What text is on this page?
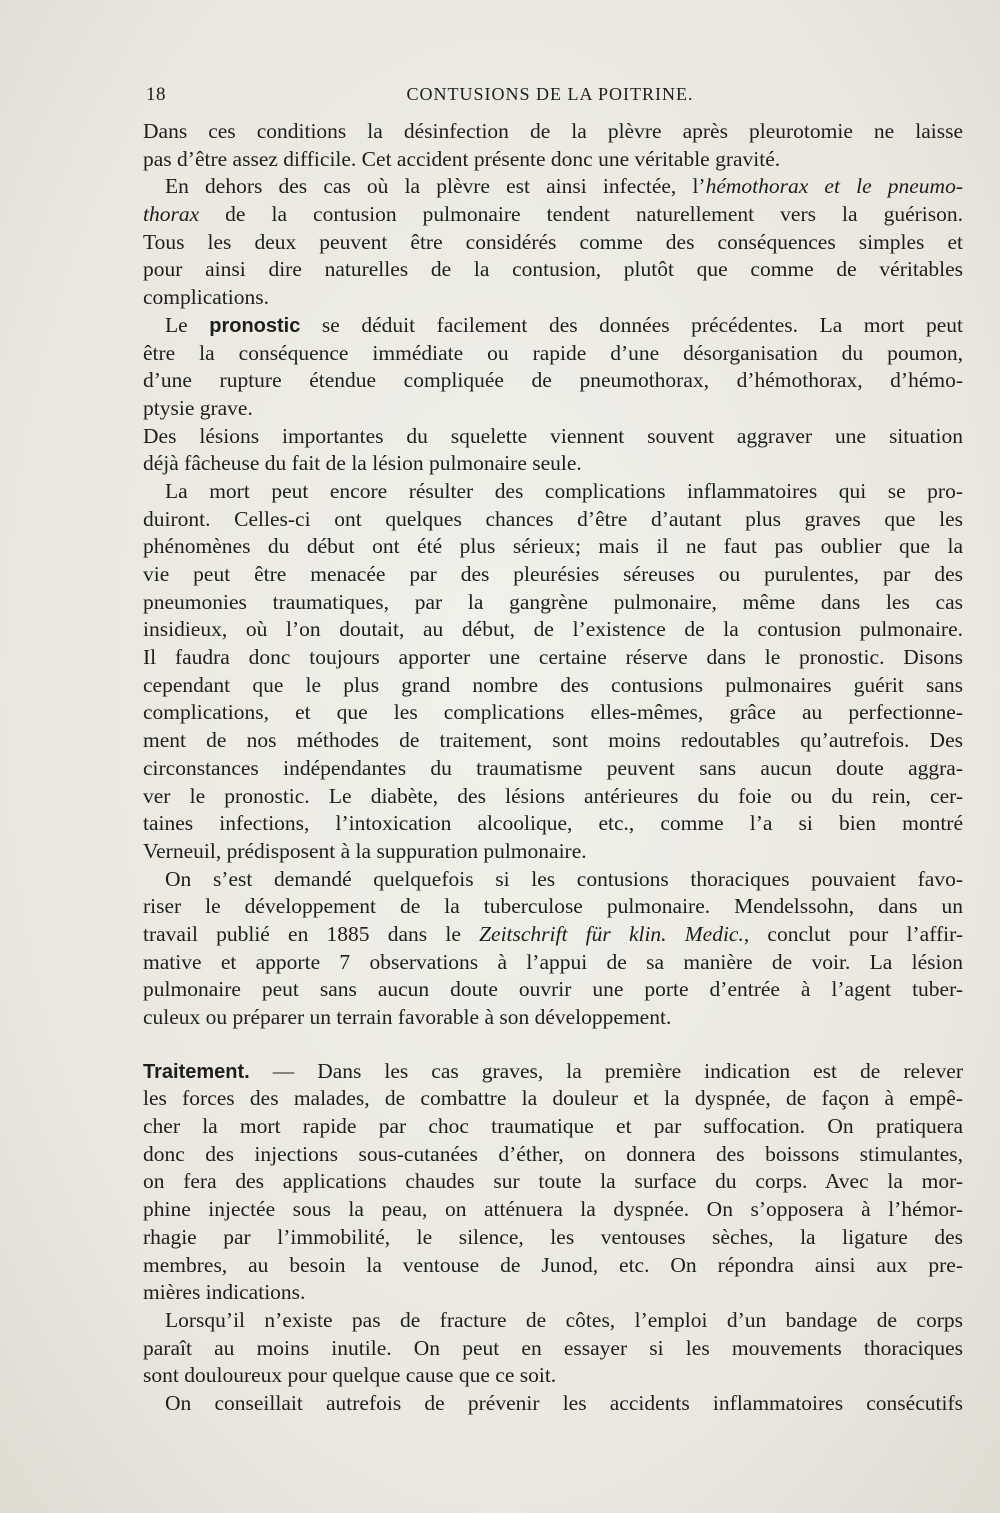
18	CONTUSIONS DE LA POITRINE.
Dans ces conditions la désinfection de la plèvre après pleurotomie ne laisse
pas d’être assez difficile. Cet accident présente donc une véritable gravité.
En dehors des cas où la plèvre est ainsi infectée, l’hémothorax et le pneumo-
thorax de la contusion pulmonaire tendent naturellement vers la guérison.
Tous les deux peuvent être considérés comme des conséquences simples et
pour ainsi dire naturelles de la contusion, plutôt que comme de véritables
complications.
Le pronostic se déduit facilement des données précédentes. La mort peut
être la conséquence immédiate ou rapide d’une désorganisation du poumon,
d’une rupture étendue compliquée de pneumothorax, d’hémothorax, d’hémo-
ptysie grave.
Des lésions importantes du squelette viennent souvent aggraver une situation
déjà fâcheuse du fait de la lésion pulmonaire seule.
La mort peut encore résulter des complications inflammatoires qui se pro-
duiront. Celles-ci ont quelques chances d’être d’autant plus graves que les
phénomènes du début ont été plus sérieux; mais il ne faut pas oublier que la
vie peut être menacée par des pleurésies séreuses ou purulentes, par des
pneumonies traumatiques, par la gangrène pulmonaire, même dans les cas
insidieux, où l’on doutait, au début, de l’existence de la contusion pulmonaire.
Il faudra donc toujours apporter une certaine réserve dans le pronostic. Disons
cependant que le plus grand nombre des contusions pulmonaires guérit sans
complications, et que les complications elles-mêmes, grâce au perfectionne-
ment de nos méthodes de traitement, sont moins redoutables qu’autrefois. Des
circonstances indépendantes du traumatisme peuvent sans aucun doute aggra-
ver le pronostic. Le diabète, des lésions antérieures du foie ou du rein, cer-
taines infections, l’intoxication alcoolique, etc., comme l’a si bien montré
Verneuil, prédisposent à la suppuration pulmonaire.
On s’est demandé quelquefois si les contusions thoraciques pouvaient favo-
riser le développement de la tuberculose pulmonaire. Mendelssohn, dans un
travail publié en 1885 dans le Zeitschrift für klin. Medic., conclut pour l’affir-
mative et apporte 7 observations à l’appui de sa manière de voir. La lésion
pulmonaire peut sans aucun doute ouvrir une porte d’entrée à l’agent tuber-
culeux ou préparer un terrain favorable à son développement.
Traitement. — Dans les cas graves, la première indication est de relever
les forces des malades, de combattre la douleur et la dyspnée, de façon à empê-
cher la mort rapide par choc traumatique et par suffocation. On pratiquera
donc des injections sous-cutanées d’éther, on donnera des boissons stimulantes,
on fera des applications chaudes sur toute la surface du corps. Avec la mor-
phine injectée sous la peau, on atténuera la dyspnée. On s’opposera à l’hémor-
rhagie par l’immobilité, le silence, les ventouses sèches, la ligature des
membres, au besoin la ventouse de Junod, etc. On répondra ainsi aux pre-
mières indications.
Lorsqu’il n’existe pas de fracture de côtes, l’emploi d’un bandage de corps
paraît au moins inutile. On peut en essayer si les mouvements thoraciques
sont douloureux pour quelque cause que ce soit.
On conseillait autrefois de prévenir les accidents inflammatoires consécutifs
